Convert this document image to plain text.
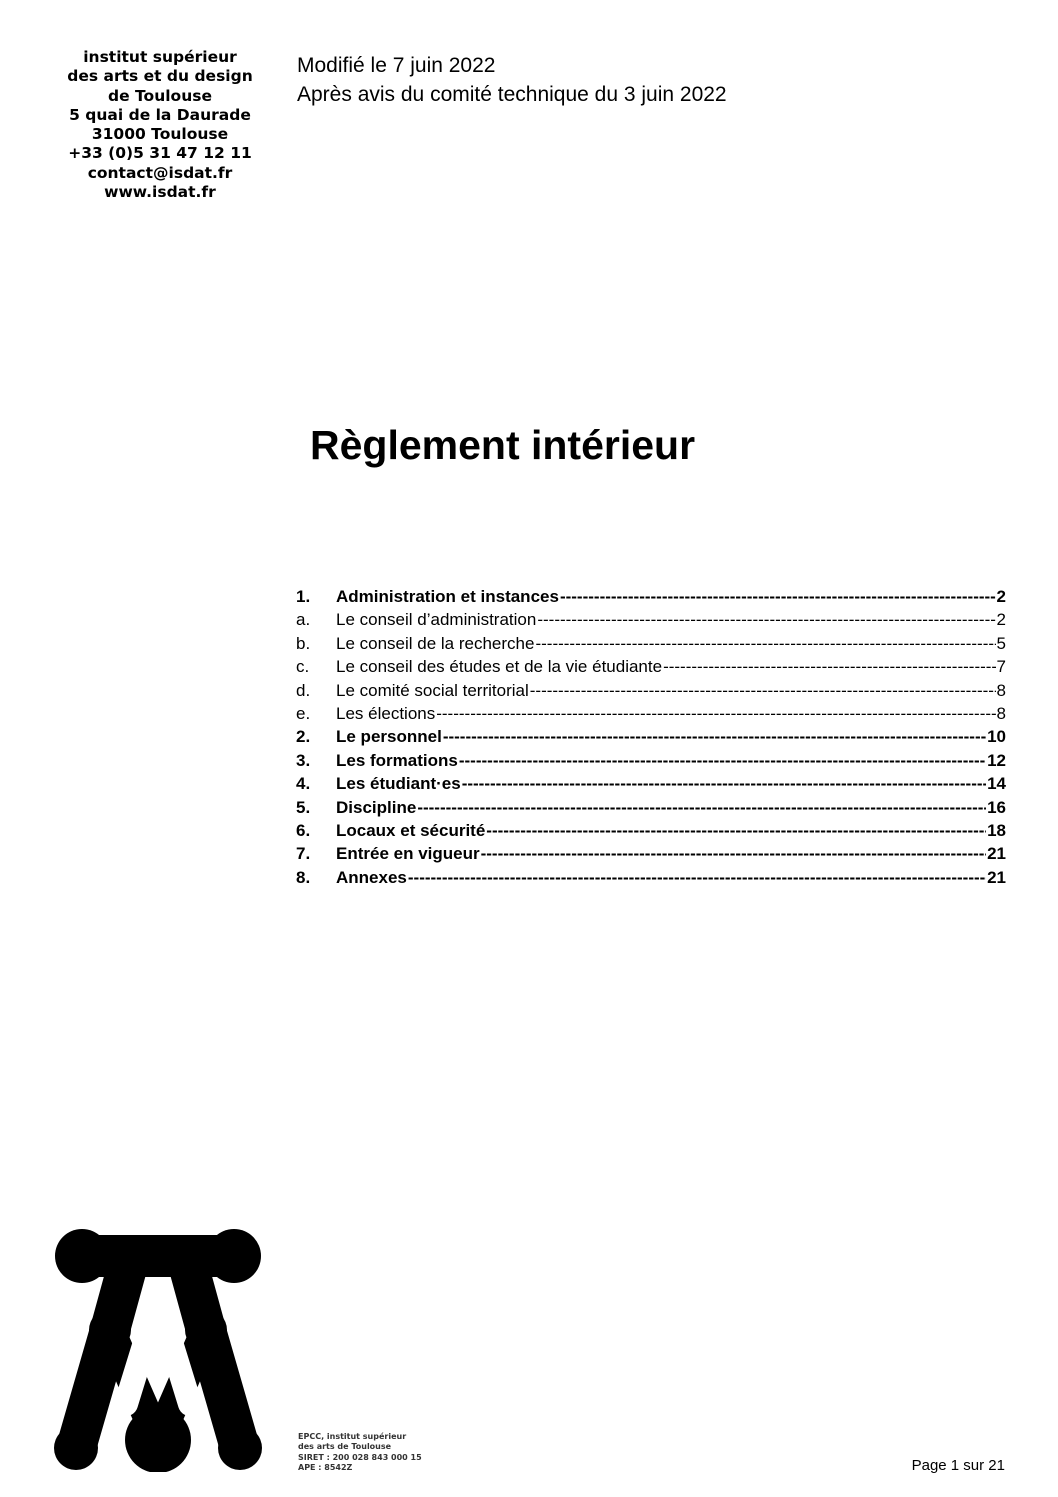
institut supérieur
des arts et du design
de Toulouse
5 quai de la Daurade
31000 Toulouse
+33 (0)5 31 47 12 11
contact@isdat.fr
www.isdat.fr
Modifié le 7 juin 2022
Après avis du comité technique du 3 juin 2022
Règlement intérieur
1.	Administration et instances -----	2
a.	Le conseil d’administration -----	2
b.	Le conseil de la recherche -----	5
c.	Le conseil des études et de la vie étudiante -----	7
d.	Le comité social territorial -----	8
e.	Les élections -----	8
2.	Le personnel -----	10
3.	Les formations -----	12
4.	Les étudiant·es -----	14
5.	Discipline -----	16
6.	Locaux et sécurité -----	18
7.	Entrée en vigueur -----	21
8.	Annexes -----	21
EPCC, institut supérieur
des arts de Toulouse
SIRET : 200 028 843 000 15
APE : 8542Z	Page 1 sur 21
